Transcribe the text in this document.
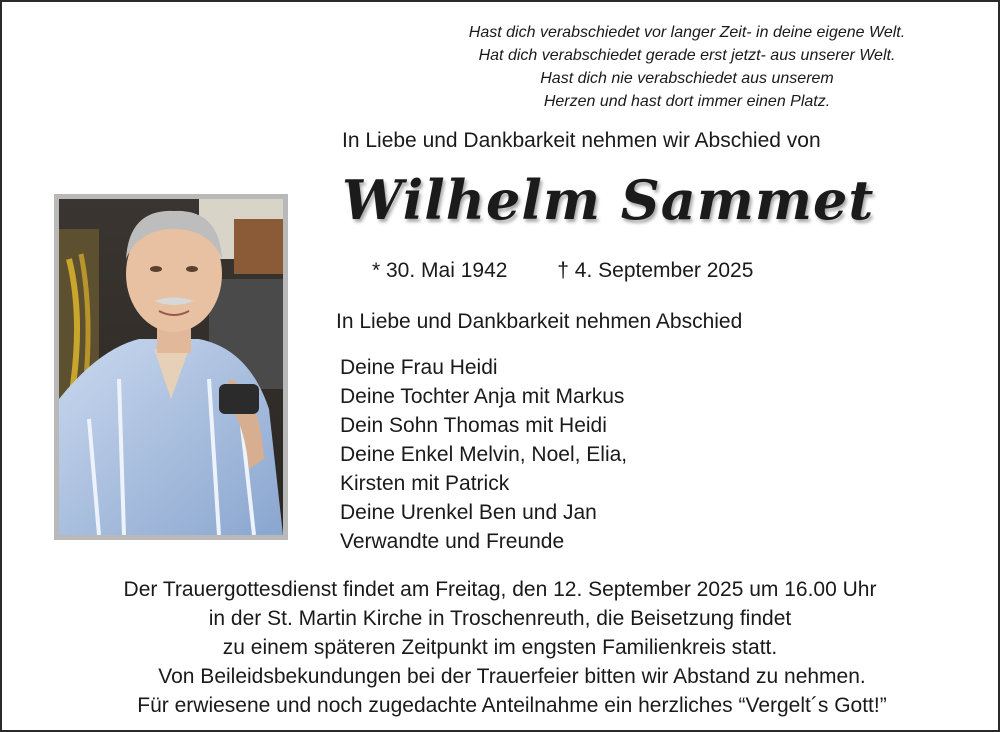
Hast dich verabschiedet vor langer Zeit- in deine eigene Welt.
Hat dich verabschiedet gerade erst jetzt- aus unserer Welt.
Hast dich nie verabschiedet aus unserem
Herzen und hast dort immer einen Platz.
In Liebe und Dankbarkeit nehmen wir Abschied von
Wilhelm Sammet
* 30. Mai 1942 † 4. September 2025
In Liebe und Dankbarkeit nehmen Abschied
Deine Frau Heidi
Deine Tochter Anja mit Markus
Dein Sohn Thomas mit Heidi
Deine Enkel Melvin, Noel, Elia,
Kirsten mit Patrick
Deine Urenkel Ben und Jan
Verwandte und Freunde
Der Trauergottesdienst findet am Freitag, den 12. September 2025 um 16.00 Uhr
in der St. Martin Kirche in Troschenreuth, die Beisetzung findet
zu einem späteren Zeitpunkt im engsten Familienkreis statt.
Von Beileidsbekundungen bei der Trauerfeier bitten wir Abstand zu nehmen.
Für erwiesene und noch zugedachte Anteilnahme ein herzliches “Vergelt´s Gott!”
